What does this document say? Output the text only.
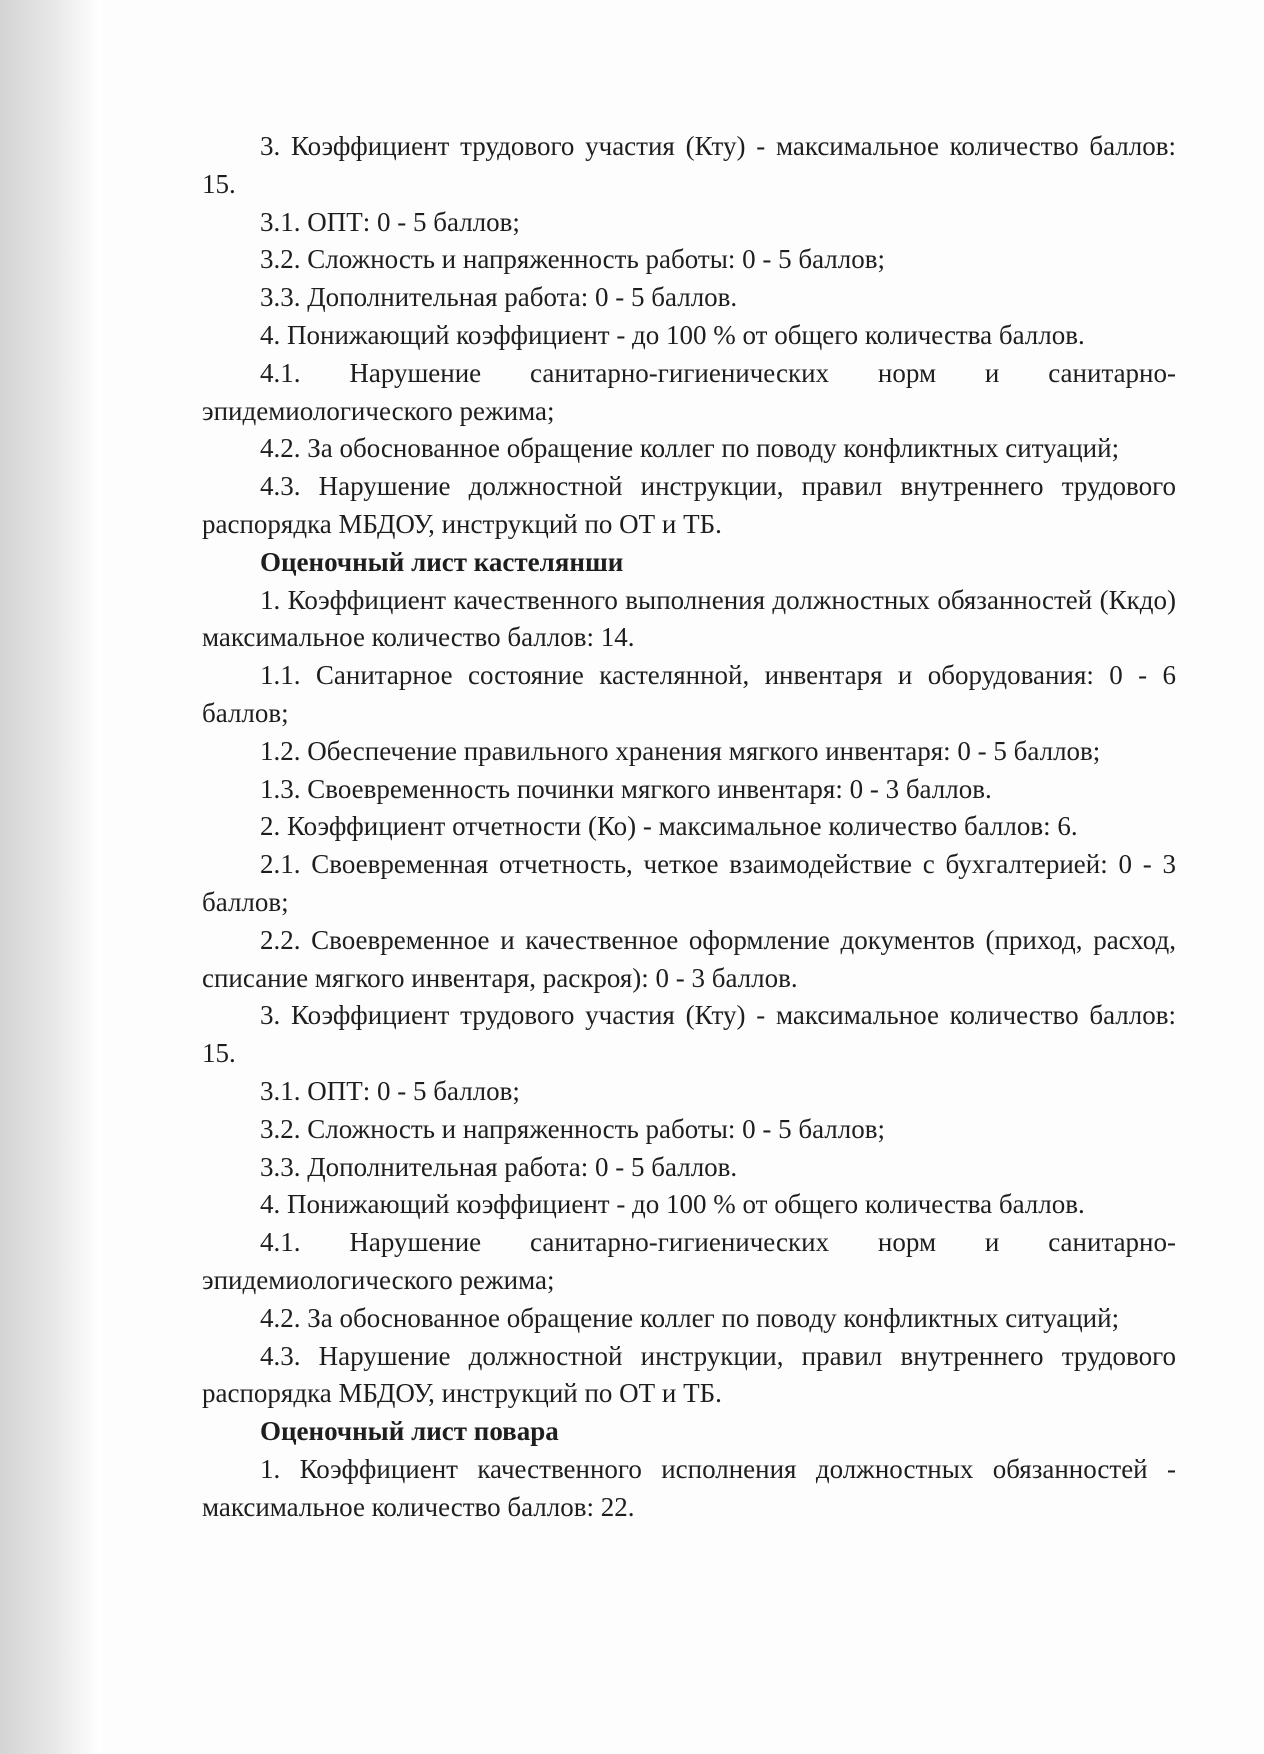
3. Коэффициент трудового участия (Кту) - максимальное количество баллов: 15.

3.1. ОПТ: 0 - 5 баллов;

3.2. Сложность и напряженность работы: 0 - 5 баллов;

3.3. Дополнительная работа: 0 - 5 баллов.

4. Понижающий коэффициент - до 100 % от общего количества баллов.

4.1. Нарушение санитарно-гигиенических норм и санитарно-эпидемиологического режима;

4.2. За обоснованное обращение коллег по поводу конфликтных ситуаций;

4.3. Нарушение должностной инструкции, правил внутреннего трудового распорядка МБДОУ, инструкций по ОТ и ТБ.

Оценочный лист кастелянши

1. Коэффициент качественного выполнения должностных обязанностей (Ккдо) максимальное количество баллов: 14.

1.1. Санитарное состояние кастелянной, инвентаря и оборудования: 0 - 6 баллов;

1.2. Обеспечение правильного хранения мягкого инвентаря: 0 - 5 баллов;

1.3. Своевременность починки мягкого инвентаря: 0 - 3 баллов.

2. Коэффициент отчетности (Ко) - максимальное количество баллов: 6.

2.1. Своевременная отчетность, четкое взаимодействие с бухгалтерией: 0 - 3 баллов;

2.2. Своевременное и качественное оформление документов (приход, расход, списание мягкого инвентаря, раскроя): 0 - 3 баллов.

3. Коэффициент трудового участия (Кту) - максимальное количество баллов: 15.

3.1. ОПТ: 0 - 5 баллов;

3.2. Сложность и напряженность работы: 0 - 5 баллов;

3.3. Дополнительная работа: 0 - 5 баллов.

4. Понижающий коэффициент - до 100 % от общего количества баллов.

4.1. Нарушение санитарно-гигиенических норм и санитарно-эпидемиологического режима;

4.2. За обоснованное обращение коллег по поводу конфликтных ситуаций;

4.3. Нарушение должностной инструкции, правил внутреннего трудового распорядка МБДОУ, инструкций по ОТ и ТБ.

Оценочный лист повара

1. Коэффициент качественного исполнения должностных обязанностей - максимальное количество баллов: 22.
